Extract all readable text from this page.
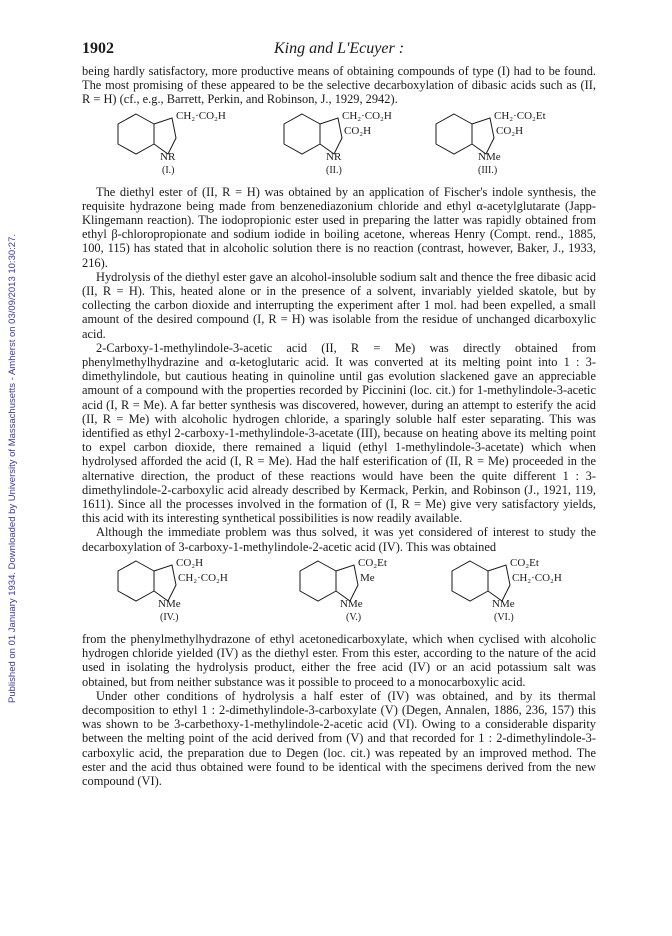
Published on 01 January 1934. Downloaded by University of Massachusetts - Amherst on 03/09/2013 10:30:27.
1902	King and L'Ecuyer :

being hardly satisfactory, more productive means of obtaining compounds of type (I) had to be found. The most promising of these appeared to be the selective decarboxylation of dibasic acids such as (II, R = H) (cf., e.g., Barrett, Perkin, and Robinson, J., 1929, 2942).

CH₂·CO₂H
NR
(I.)
CH₂·CO₂H
CO₂H
NR
(II.)
CH₂·CO₂Et
CO₂H
NMe
(III.)

The diethyl ester of (II, R = H) was obtained by an application of Fischer's indole synthesis, the requisite hydrazone being made from benzenediazonium chloride and ethyl α-acetylglutarate (Japp-Klingemann reaction). The iodopropionic ester used in preparing the latter was rapidly obtained from ethyl β-chloropropionate and sodium iodide in boiling acetone, whereas Henry (Compt. rend., 1885, 100, 115) has stated that in alcoholic solution there is no reaction (contrast, however, Baker, J., 1933, 216).

Hydrolysis of the diethyl ester gave an alcohol-insoluble sodium salt and thence the free dibasic acid (II, R = H). This, heated alone or in the presence of a solvent, invariably yielded skatole, but by collecting the carbon dioxide and interrupting the experiment after 1 mol. had been expelled, a small amount of the desired compound (I, R = H) was isolable from the residue of unchanged dicarboxylic acid.

2-Carboxy-1-methylindole-3-acetic acid (II, R = Me) was directly obtained from phenylmethylhydrazine and α-ketoglutaric acid. It was converted at its melting point into 1 : 3-dimethylindole, but cautious heating in quinoline until gas evolution slackened gave an appreciable amount of a compound with the properties recorded by Piccinini (loc. cit.) for 1-methylindole-3-acetic acid (I, R = Me). A far better synthesis was discovered, however, during an attempt to esterify the acid (II, R = Me) with alcoholic hydrogen chloride, a sparingly soluble half ester separating. This was identified as ethyl 2-carboxy-1-methylindole-3-acetate (III), because on heating above its melting point to expel carbon dioxide, there remained a liquid (ethyl 1-methylindole-3-acetate) which when hydrolysed afforded the acid (I, R = Me). Had the half esterification of (II, R = Me) proceeded in the alternative direction, the product of these reactions would have been the quite different 1 : 3-dimethylindole-2-carboxylic acid already described by Kermack, Perkin, and Robinson (J., 1921, 119, 1611). Since all the processes involved in the formation of (I, R = Me) give very satisfactory yields, this acid with its interesting synthetical possibilities is now readily available.

Although the immediate problem was thus solved, it was yet considered of interest to study the decarboxylation of 3-carboxy-1-methylindole-2-acetic acid (IV). This was obtained

CO₂H
CH₂·CO₂H
NMe
(IV.)
CO₂Et
Me
NMe
(V.)
CO₂Et
CH₂·CO₂H
NMe
(VI.)

from the phenylmethylhydrazone of ethyl acetonedicarboxylate, which when cyclised with alcoholic hydrogen chloride yielded (IV) as the diethyl ester. From this ester, according to the nature of the acid used in isolating the hydrolysis product, either the free acid (IV) or an acid potassium salt was obtained, but from neither substance was it possible to proceed to a monocarboxylic acid.

Under other conditions of hydrolysis a half ester of (IV) was obtained, and by its thermal decomposition to ethyl 1 : 2-dimethylindole-3-carboxylate (V) (Degen, Annalen, 1886, 236, 157) this was shown to be 3-carbethoxy-1-methylindole-2-acetic acid (VI). Owing to a considerable disparity between the melting point of the acid derived from (V) and that recorded for 1 : 2-dimethylindole-3-carboxylic acid, the preparation due to Degen (loc. cit.) was repeated by an improved method. The ester and the acid thus obtained were found to be identical with the specimens derived from the new compound (VI).
